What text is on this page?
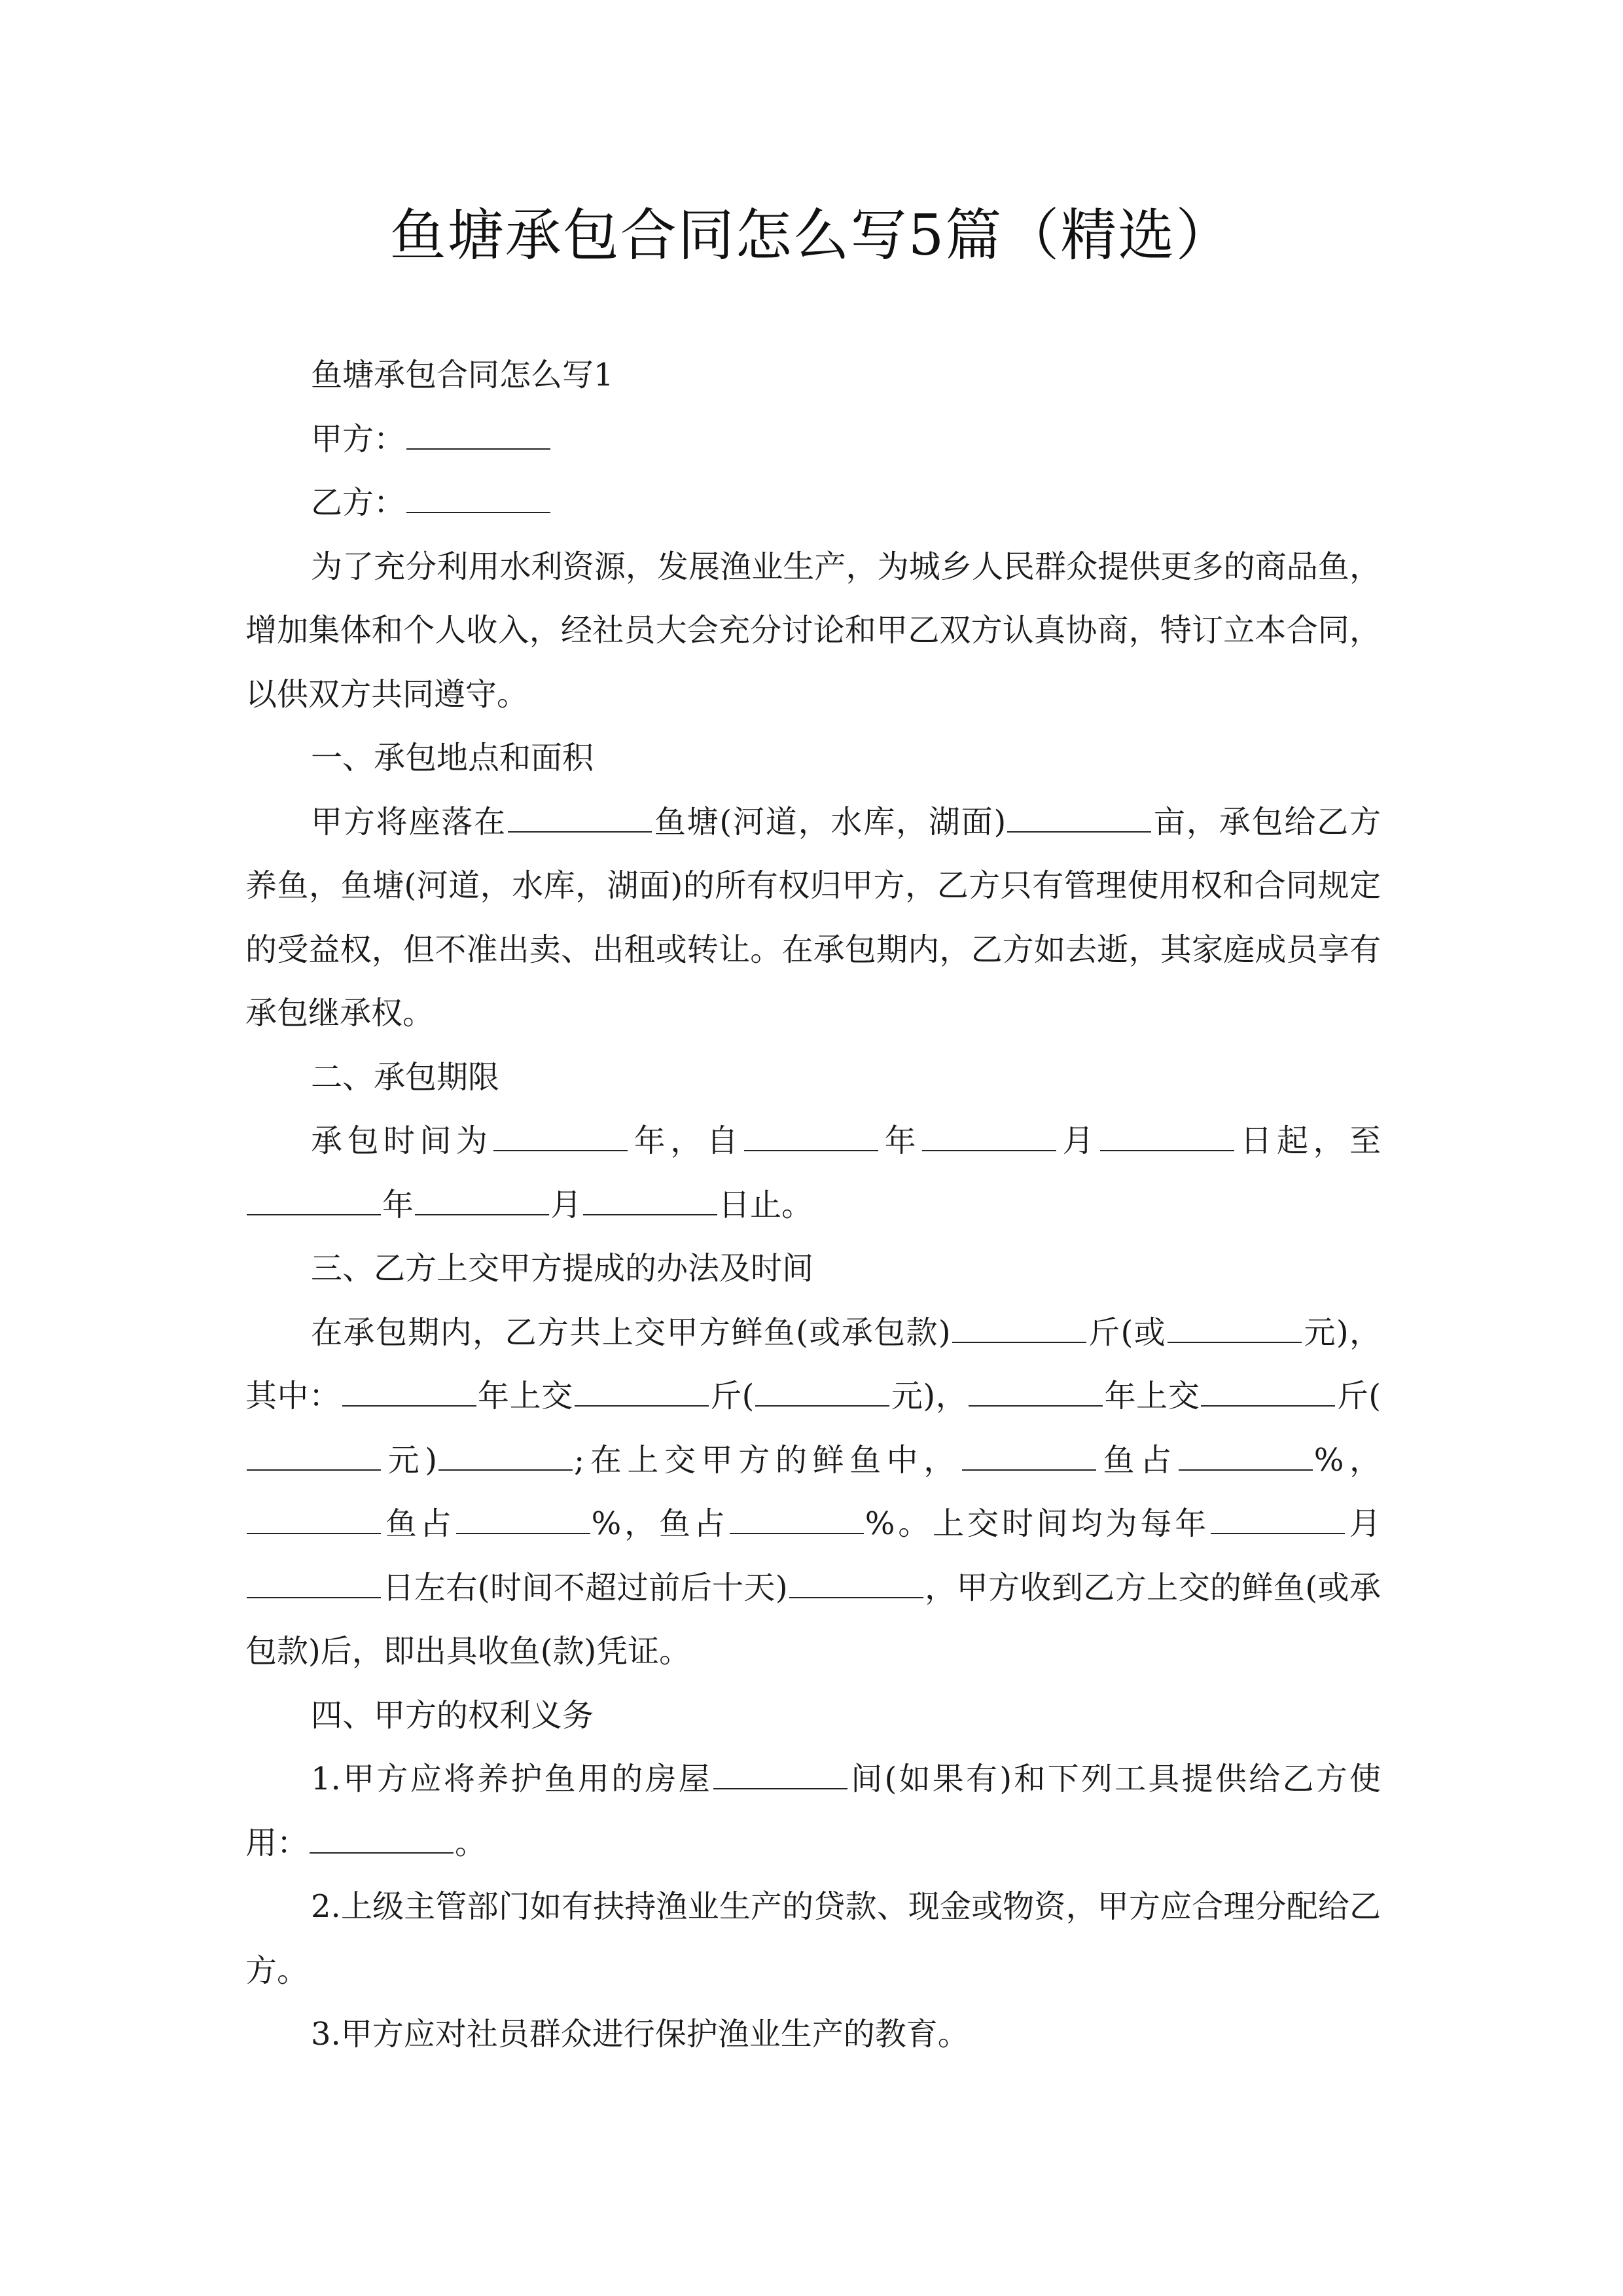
鱼塘承包合同怎么写5篇（精选）

鱼塘承包合同怎么写1

甲方：

乙方：

为了充分利用水利资源，发展渔业生产，为城乡人民群众提供更多的商品鱼，增加集体和个人收入，经社员大会充分讨论和甲乙双方认真协商，特订立本合同，以供双方共同遵守。

一、承包地点和面积

甲方将座落在	鱼塘(河道，水库，湖面)	亩，承包给乙方养鱼，鱼塘(河道，水库，湖面)的所有权归甲方，乙方只有管理使用权和合同规定的受益权，但不准出卖、出租或转让。在承包期内，乙方如去逝，其家庭成员享有承包继承权。

二、承包期限

承包时间为	年，自	年	月	日起，至年	月	日止。

三、乙方上交甲方提成的办法及时间

在承包期内，乙方共上交甲方鲜鱼(或承包款)	斤(或	元)，其中：	年上交	斤(	元)，	年上交	斤(元)	;在上交甲方的鲜鱼中，	鱼占	%，鱼占	%，鱼占	%。上交时间均为每年	月日左右(时间不超过前后十天)	，甲方收到乙方上交的鲜鱼(或承包款)后，即出具收鱼(款)凭证。

四、甲方的权利义务

1.甲方应将养护鱼用的房屋	间(如果有)和下列工具提供给乙方使用：	。

2.上级主管部门如有扶持渔业生产的贷款、现金或物资，甲方应合理分配给乙方。

3.甲方应对社员群众进行保护渔业生产的教育。
